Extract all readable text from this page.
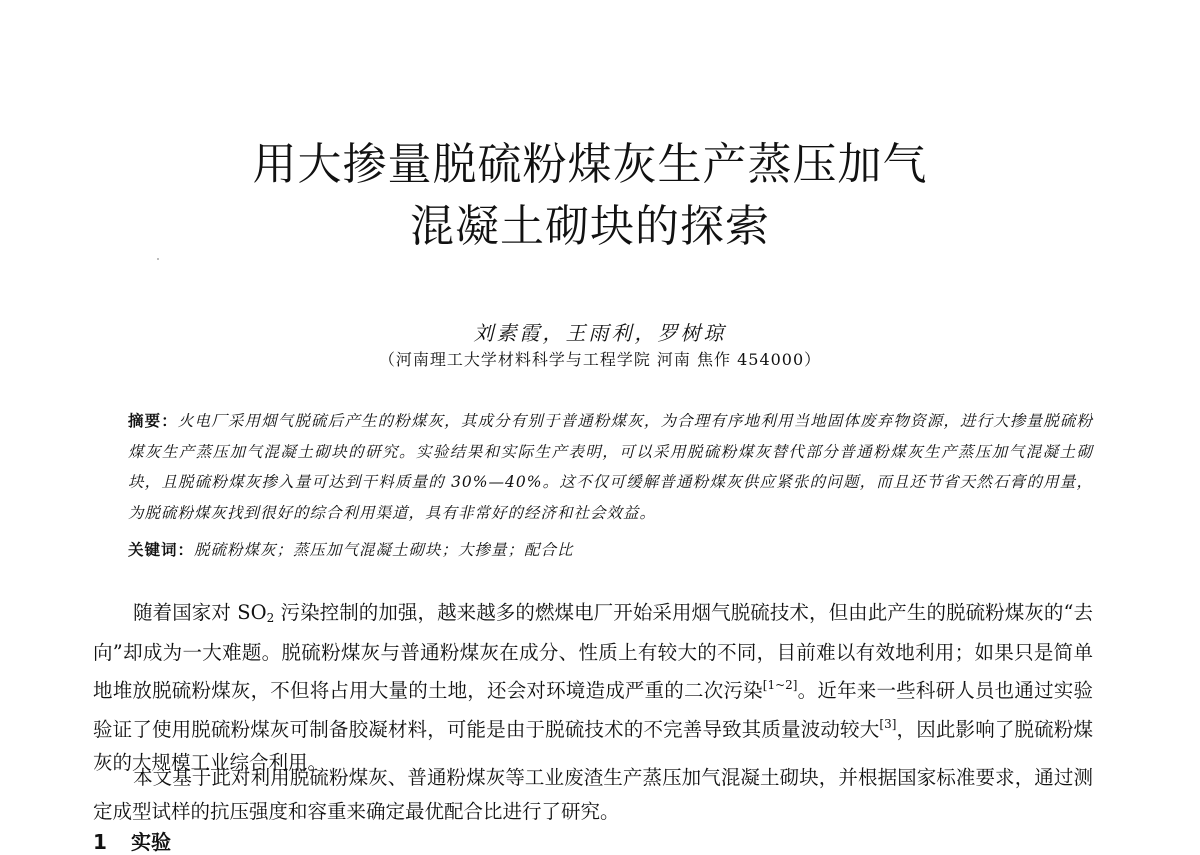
用大掺量脱硫粉煤灰生产蒸压加气
混凝土砌块的探索
刘素霞，王雨利，罗树琼
（河南理工大学材料科学与工程学院 河南 焦作 454000）
摘要：火电厂采用烟气脱硫后产生的粉煤灰，其成分有别于普通粉煤灰，为合理有序地利用当地固体废弃物资源，进行大掺量脱硫粉煤灰生产蒸压加气混凝土砌块的研究。实验结果和实际生产表明，可以采用脱硫粉煤灰替代部分普通粉煤灰生产蒸压加气混凝土砌块，且脱硫粉煤灰掺入量可达到干料质量的 30%—40%。这不仅可缓解普通粉煤灰供应紧张的问题，而且还节省天然石膏的用量，为脱硫粉煤灰找到很好的综合利用渠道，具有非常好的经济和社会效益。
关键词：脱硫粉煤灰；蒸压加气混凝土砌块；大掺量；配合比
随着国家对 $SO_2$ 污染控制的加强，越来越多的燃煤电厂开始采用烟气脱硫技术，但由此产生的脱硫粉煤灰的“去向”却成为一大难题。脱硫粉煤灰与普通粉煤灰在成分、性质上有较大的不同，目前难以有效地利用；如果只是简单地堆放脱硫粉煤灰，不但将占用大量的土地，还会对环境造成严重的二次污染[1~2]。近年来一些科研人员也通过实验验证了使用脱硫粉煤灰可制备胶凝材料，可能是由于脱硫技术的不完善导致其质量波动较大[3]，因此影响了脱硫粉煤灰的大规模工业综合利用。
本文基于此对利用脱硫粉煤灰、普通粉煤灰等工业废渣生产蒸压加气混凝土砌块，并根据国家标准要求，通过测定成型试样的抗压强度和容重来确定最优配合比进行了研究。
1 实验
